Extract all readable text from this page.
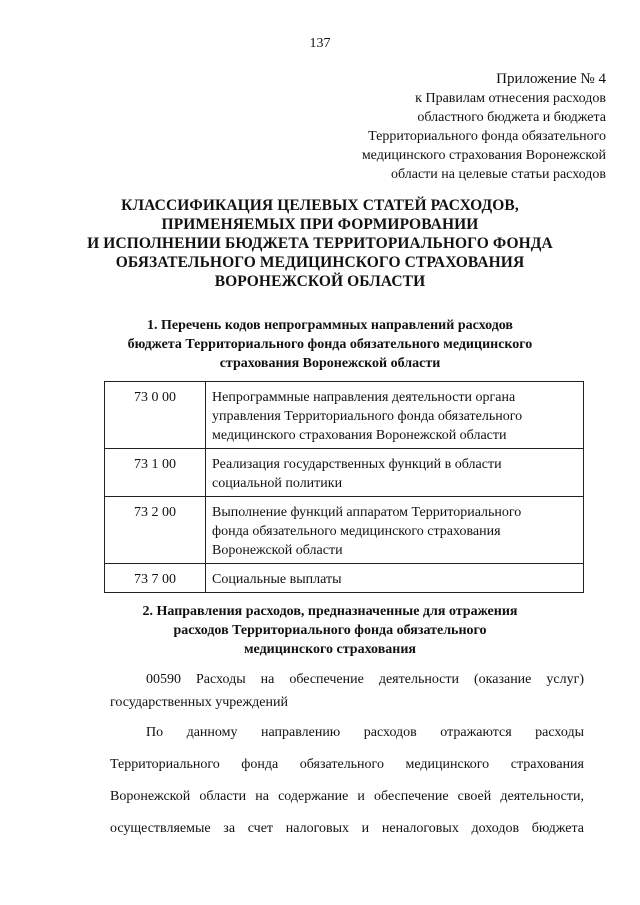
137
Приложение № 4
к Правилам отнесения расходов
областного бюджета и бюджета
Территориального фонда обязательного
медицинского страхования Воронежской
области на целевые статьи расходов
КЛАССИФИКАЦИЯ ЦЕЛЕВЫХ СТАТЕЙ РАСХОДОВ,
ПРИМЕНЯЕМЫХ ПРИ ФОРМИРОВАНИИ
И ИСПОЛНЕНИИ БЮДЖЕТА ТЕРРИТОРИАЛЬНОГО ФОНДА
ОБЯЗАТЕЛЬНОГО МЕДИЦИНСКОГО СТРАХОВАНИЯ
ВОРОНЕЖСКОЙ ОБЛАСТИ
1. Перечень кодов непрограммных направлений расходов
бюджета Территориального фонда обязательного медицинского
страхования Воронежской области
73 0 00	Непрограммные направления деятельности органа
управления Территориального фонда обязательного
медицинского страхования Воронежской области

73 1 00	Реализация государственных функций в области
социальной политики

73 2 00	Выполнение функций аппаратом Территориального
фонда обязательного медицинского страхования
Воронежской области

73 7 00	Социальные выплаты
2. Направления расходов, предназначенные для отражения
расходов Территориального фонда обязательного
медицинского страхования
00590 Расходы на обеспечение деятельности (оказание услуг)
государственных учреждений
По данному направлению расходов отражаются расходы
Территориального фонда обязательного медицинского страхования
Воронежской области на содержание и обеспечение своей деятельности,
осуществляемые за счет налоговых и неналоговых доходов бюджета
